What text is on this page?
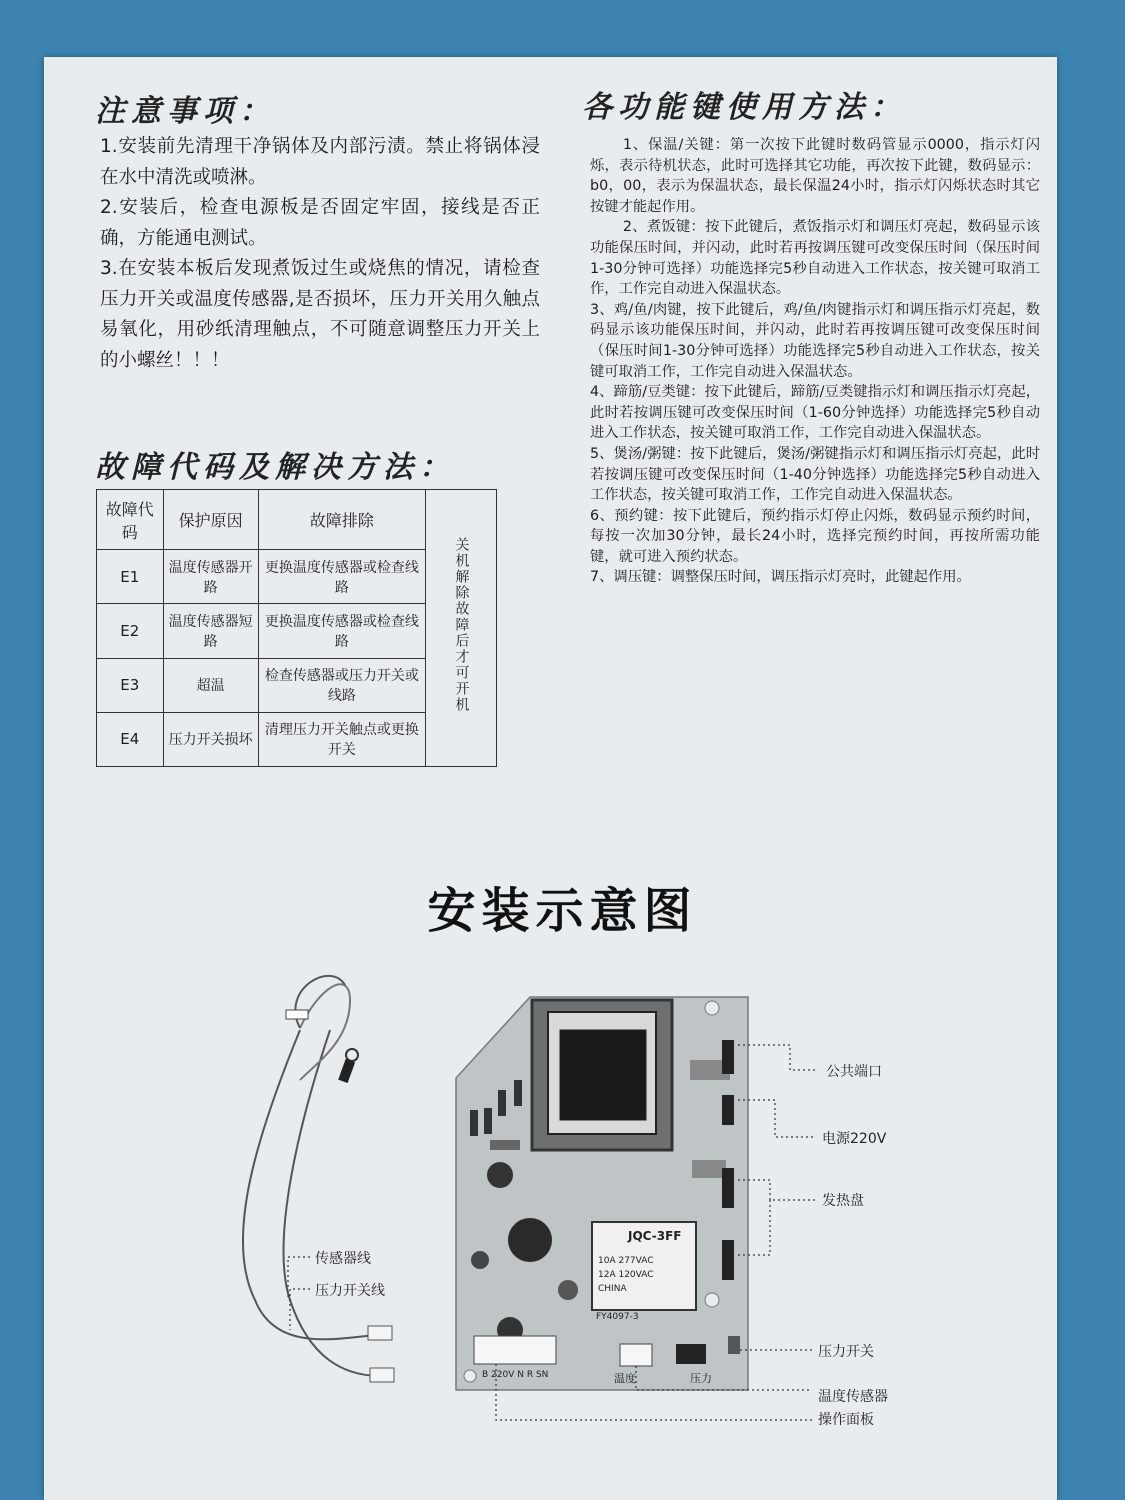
注意事项：

1.安装前先清理干净锅体及内部污渍。禁止将锅体浸在水中清洗或喷淋。

2.安装后，检查电源板是否固定牢固，接线是否正确，方能通电测试。

3.在安装本板后发现煮饭过生或烧焦的情况，请检查压力开关或温度传感器,是否损坏，压力开关用久触点易氧化，用砂纸清理触点，不可随意调整压力开关上的小螺丝！！！

故障代码及解决方法：
故障代码	保护原因	故障排除	关机解除故障后才可开机
E1	温度传感器开路	更换温度传感器或检查线路	
E2	温度传感器短路	更换温度传感器或检查线路	
E3	超温	检查传感器或压力开关或线路	
E4	压力开关损坏	清理压力开关触点或更换开关	
各功能键使用方法：

1、保温/关键：第一次按下此键时数码管显示0000，指示灯闪烁，表示待机状态，此时可选择其它功能，再次按下此键，数码显示：b0，00，表示为保温状态，最长保温24小时，指示灯闪烁状态时其它按键才能起作用。

2、煮饭键：按下此键后，煮饭指示灯和调压灯亮起，数码显示该功能保压时间，并闪动，此时若再按调压键可改变保压时间（保压时间1-30分钟可选择）功能选择完5秒自动进入工作状态，按关键可取消工作，工作完自动进入保温状态。

3、鸡/鱼/肉键，按下此键后，鸡/鱼/肉键指示灯和调压指示灯亮起，数码显示该功能保压时间，并闪动，此时若再按调压键可改变保压时间（保压时间1-30分钟可选择）功能选择完5秒自动进入工作状态，按关键可取消工作，工作完自动进入保温状态。

4、蹄筋/豆类键：按下此键后，蹄筋/豆类键指示灯和调压指示灯亮起，此时若按调压键可改变保压时间（1-60分钟选择）功能选择完5秒自动进入工作状态，按关键可取消工作，工作完自动进入保温状态。

5、煲汤/粥键：按下此键后，煲汤/粥键指示灯和调压指示灯亮起，此时若按调压键可改变保压时间（1-40分钟选择）功能选择完5秒自动进入工作状态，按关键可取消工作，工作完自动进入保温状态。

6、预约键：按下此键后，预约指示灯停止闪烁，数码显示预约时间，每按一次加30分钟，最长24小时，选择完预约时间，再按所需功能键，就可进入预约状态。

7、调压键：调整保压时间，调压指示灯亮时，此键起作用。

安装示意图
JQC-3FF
10A 277VAC
12A 120VAC
CHINA
FY4097-3
温度	压力
B 220V N R SN
公共端口
电源220V
发热盘
压力开关
温度传感器
操作面板
传感器线
压力开关线
